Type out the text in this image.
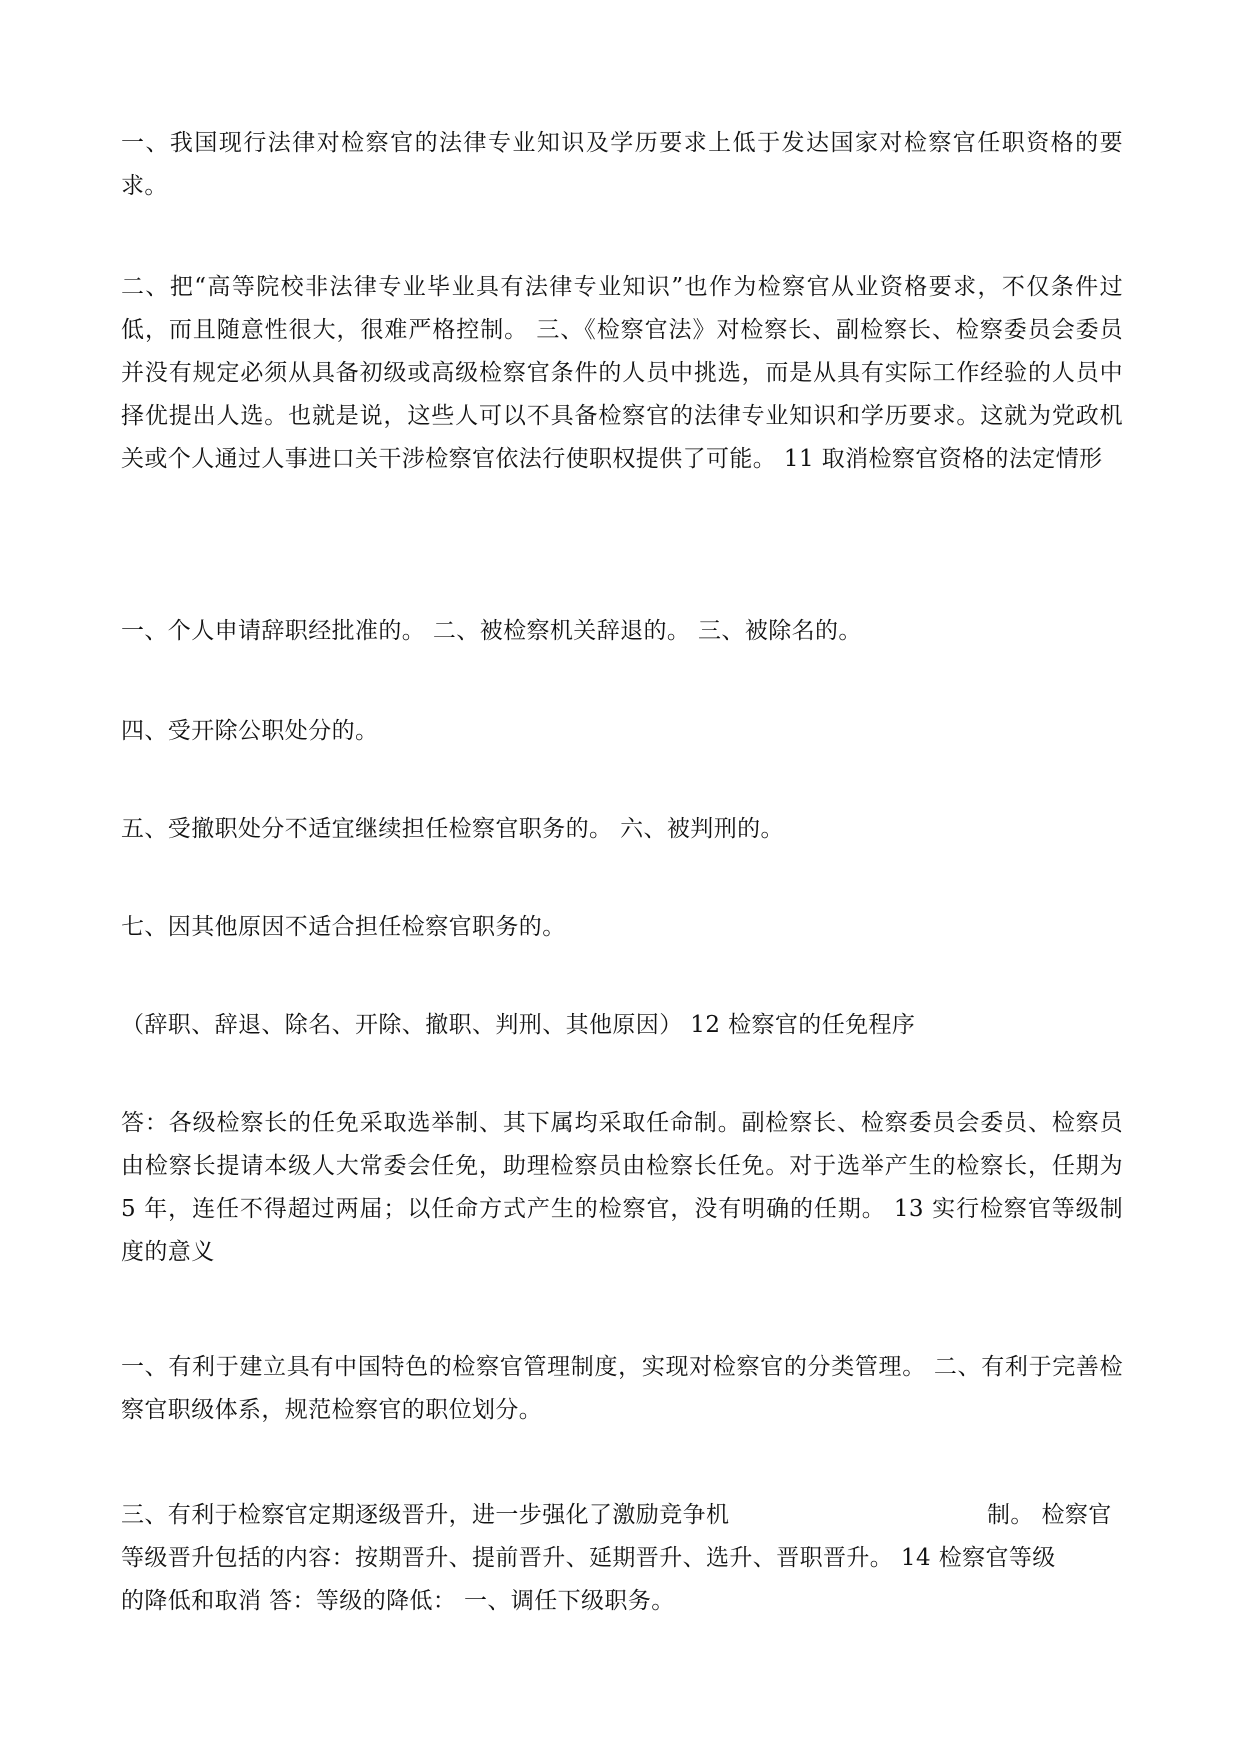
一、我国现行法律对检察官的法律专业知识及学历要求上低于发达国家对检察官任职资格的要求。

二、把“高等院校非法律专业毕业具有法律专业知识”也作为检察官从业资格要求，不仅条件过低，而且随意性很大，很难严格控制。 三、《检察官法》对检察长、副检察长、检察委员会委员并没有规定必须从具备初级或高级检察官条件的人员中挑选，而是从具有实际工作经验的人员中择优提出人选。也就是说，这些人可以不具备检察官的法律专业知识和学历要求。这就为党政机关或个人通过人事进口关干涉检察官依法行使职权提供了可能。 11 取消检察官资格的法定情形

一、个人申请辞职经批准的。 二、被检察机关辞退的。 三、被除名的。

四、受开除公职处分的。

五、受撤职处分不适宜继续担任检察官职务的。 六、被判刑的。

七、因其他原因不适合担任检察官职务的。

（辞职、辞退、除名、开除、撤职、判刑、其他原因） 12 检察官的任免程序

答：各级检察长的任免采取选举制、其下属均采取任命制。副检察长、检察委员会委员、检察员由检察长提请本级人大常委会任免，助理检察员由检察长任免。对于选举产生的检察长，任期为 5 年，连任不得超过两届；以任命方式产生的检察官，没有明确的任期。 13 实行检察官等级制度的意义

一、有利于建立具有中国特色的检察官管理制度，实现对检察官的分类管理。 二、有利于完善检察官职级体系，规范检察官的职位划分。

三、有利于检察官定期逐级晋升，进一步强化了激励竞争机	制。 检察官

等级晋升包括的内容：按期晋升、提前晋升、延期晋升、选升、晋职晋升。 14 检察官等级

的降低和取消 答：等级的降低： 一、调任下级职务。
